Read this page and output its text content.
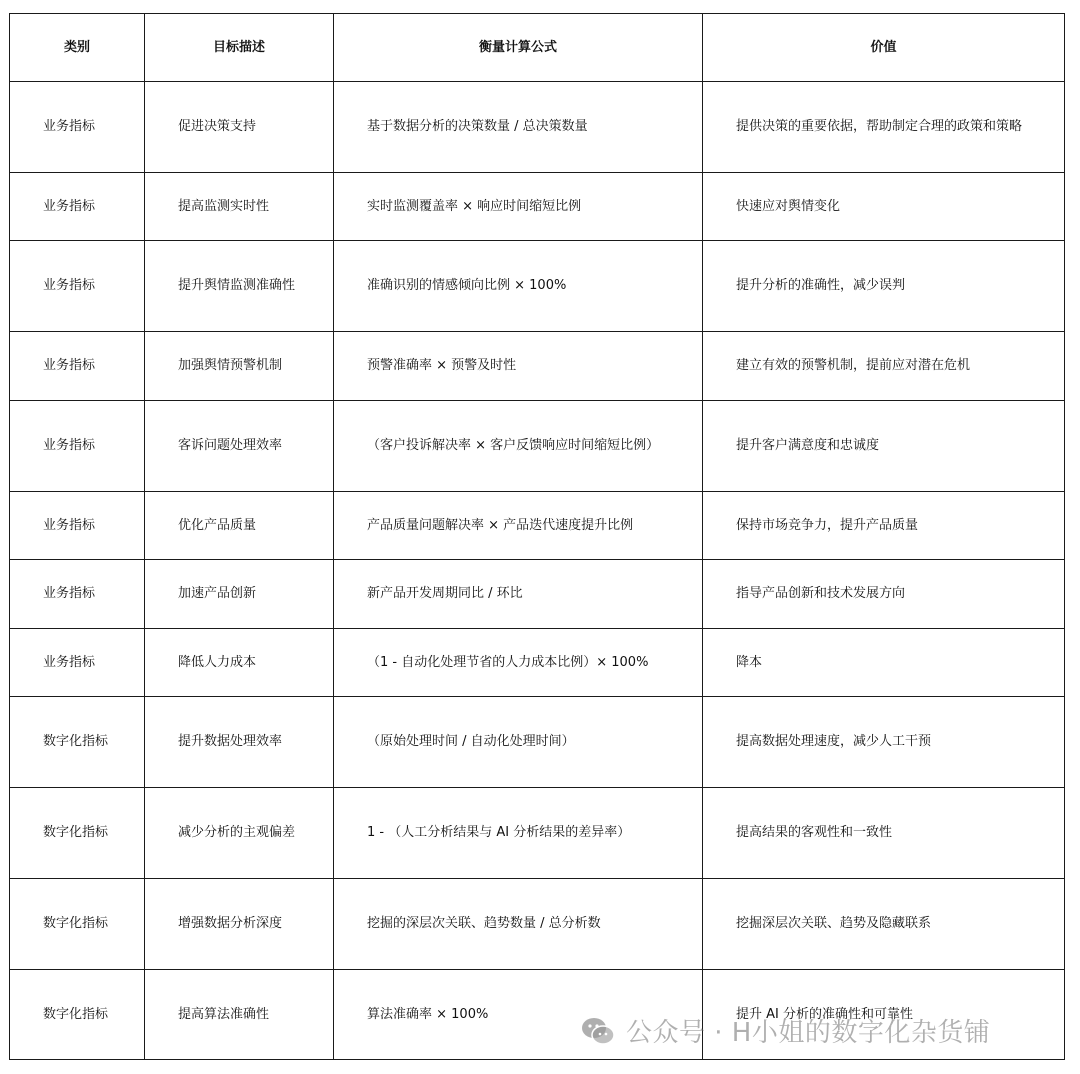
类别	目标描述	衡量计算公式	价值
业务指标	促进决策支持	基于数据分析的决策数量 / 总决策数量	提供决策的重要依据，帮助制定合理的政策和策略
业务指标	提高监测实时性	实时监测覆盖率 × 响应时间缩短比例	快速应对舆情变化
业务指标	提升舆情监测准确性	准确识别的情感倾向比例 × 100%	提升分析的准确性，减少误判
业务指标	加强舆情预警机制	预警准确率 × 预警及时性	建立有效的预警机制，提前应对潜在危机
业务指标	客诉问题处理效率	（客户投诉解决率 × 客户反馈响应时间缩短比例）	提升客户满意度和忠诚度
业务指标	优化产品质量	产品质量问题解决率 × 产品迭代速度提升比例	保持市场竞争力，提升产品质量
业务指标	加速产品创新	新产品开发周期同比 / 环比	指导产品创新和技术发展方向
业务指标	降低人力成本	（1 - 自动化处理节省的人力成本比例）× 100%	降本
数字化指标	提升数据处理效率	（原始处理时间 / 自动化处理时间）	提高数据处理速度，减少人工干预
数字化指标	减少分析的主观偏差	1 - （人工分析结果与 AI 分析结果的差异率）	提高结果的客观性和一致性
数字化指标	增强数据分析深度	挖掘的深层次关联、趋势数量 / 总分析数	挖掘深层次关联、趋势及隐藏联系
数字化指标	提高算法准确性	算法准确率 × 100%	提升 AI 分析的准确性和可靠性
公众号 · H小姐的数字化杂货铺
